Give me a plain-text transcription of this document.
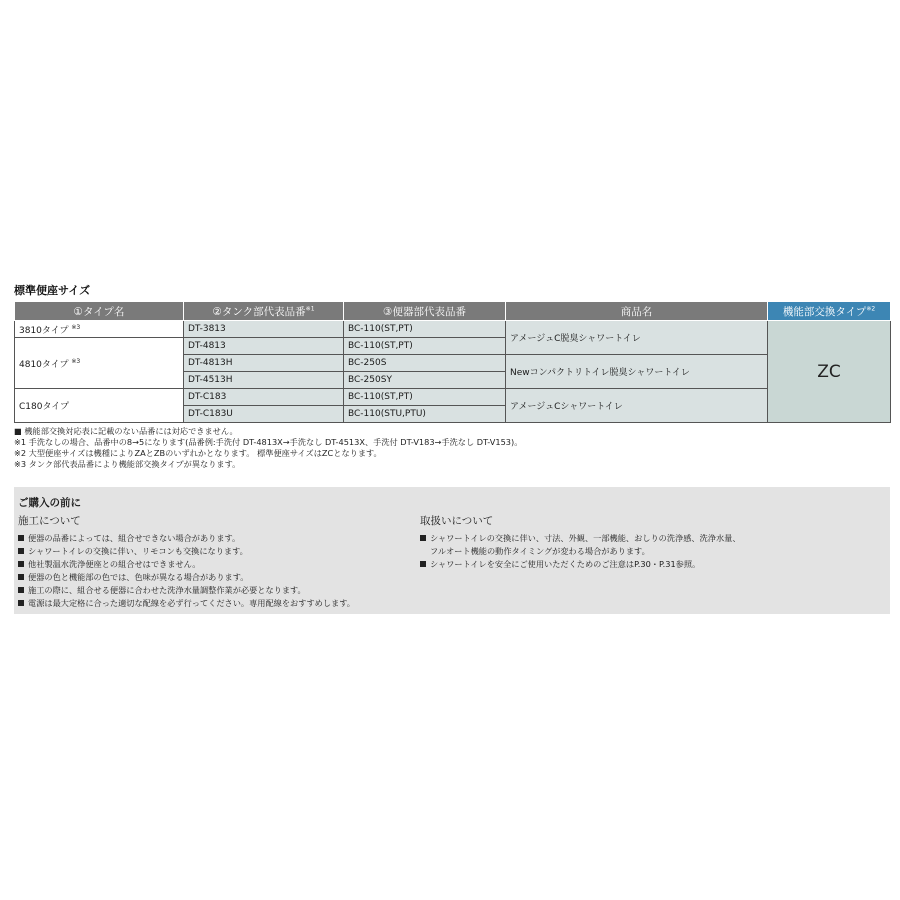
標準便座サイズ
①タイプ名	②タンク部代表品番$^{※1}$	③便器部代表品番	商品名	機能部交換タイプ$^{※2}$
3810タイプ $^{※3}$	DT-3813	BC-110(ST,PT)	アメージュC脱臭シャワートイレ	ZC
4810タイプ $^{※3}$	DT-4813	BC-110(ST,PT)		
	DT-4813H	BC-250S	Newコンパクトリトイレ脱臭シャワートイレ	
	DT-4513H	BC-250SY		
C180タイプ	DT-C183	BC-110(ST,PT)	アメージュCシャワートイレ	
	DT-C183U	BC-110(STU,PTU)		
■ 機能部交換対応表に記載のない品番には対応できません。
※1 手洗なしの場合、品番中の8→5になります(品番例:手洗付 DT-4813X→手洗なし DT-4513X、手洗付 DT-V183→手洗なし DT-V153)。
※2 大型便座サイズは機種によりZAとZBのいずれかとなります。 標準便座サイズはZCとなります。
※3 タンク部代表品番により機能部交換タイプが異なります。
ご購入の前に
施工について
便器の品番によっては、組合せできない場合があります。
シャワートイレの交換に伴い、リモコンも交換になります。
他社製温水洗浄便座との組合せはできません。
便器の色と機能部の色では、色味が異なる場合があります。
施工の際に、組合せる便器に合わせた洗浄水量調整作業が必要となります。
電源は最大定格に合った適切な配線を必ず行ってください。専用配線をおすすめします。
取扱いについて
シャワートイレの交換に伴い、寸法、外観、一部機能、おしりの洗浄感、洗浄水量、
フルオート機能の動作タイミングが変わる場合があります。
シャワートイレを安全にご使用いただくためのご注意はP.30・P.31参照。
